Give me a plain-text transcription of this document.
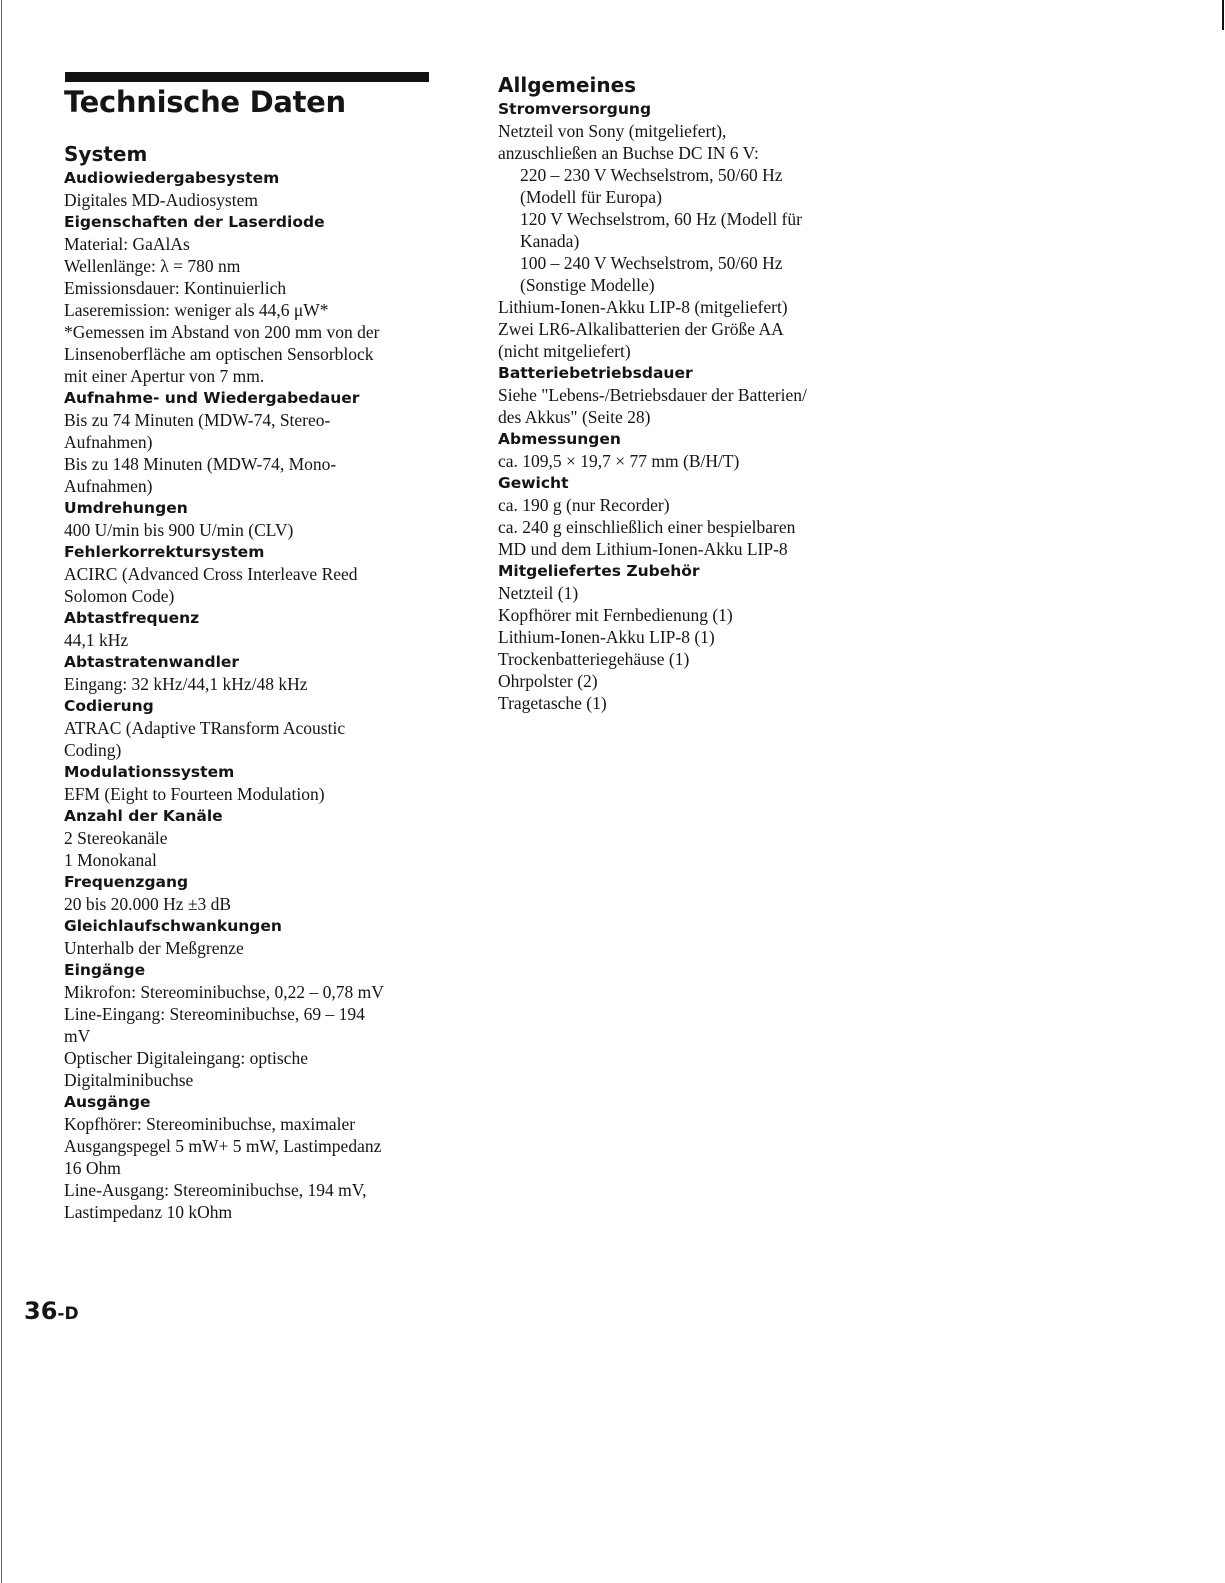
Technische Daten
System
Audiowiedergabesystem

Digitales MD-Audiosystem

Eigenschaften der Laserdiode

Material: GaAlAs

Wellenlänge: λ = 780 nm

Emissionsdauer: Kontinuierlich

Laseremission: weniger als 44,6 μW*

*Gemessen im Abstand von 200 mm von der

Linsenoberfläche am optischen Sensorblock

mit einer Apertur von 7 mm.

Aufnahme- und Wiedergabedauer

Bis zu 74 Minuten (MDW-74, Stereo-

Aufnahmen)

Bis zu 148 Minuten (MDW-74, Mono-

Aufnahmen)

Umdrehungen

400 U/min bis 900 U/min (CLV)

Fehlerkorrektursystem

ACIRC (Advanced Cross Interleave Reed

Solomon Code)

Abtastfrequenz

44,1 kHz

Abtastratenwandler

Eingang: 32 kHz/44,1 kHz/48 kHz

Codierung

ATRAC (Adaptive TRansform Acoustic

Coding)

Modulationssystem

EFM (Eight to Fourteen Modulation)

Anzahl der Kanäle

2 Stereokanäle

1 Monokanal

Frequenzgang

20 bis 20.000 Hz ±3 dB

Gleichlaufschwankungen

Unterhalb der Meßgrenze

Eingänge

Mikrofon: Stereominibuchse, 0,22 – 0,78 mV

Line-Eingang: Stereominibuchse, 69 – 194

mV

Optischer Digitaleingang: optische

Digitalminibuchse

Ausgänge

Kopfhörer: Stereominibuchse, maximaler

Ausgangspegel 5 mW+ 5 mW, Lastimpedanz

16 Ohm

Line-Ausgang: Stereominibuchse, 194 mV,

Lastimpedanz 10 kOhm

Allgemeines
Stromversorgung

Netzteil von Sony (mitgeliefert),

anzuschließen an Buchse DC IN 6 V:

220 – 230 V Wechselstrom, 50/60 Hz

(Modell für Europa)

120 V Wechselstrom, 60 Hz (Modell für

Kanada)

100 – 240 V Wechselstrom, 50/60 Hz

(Sonstige Modelle)

Lithium-Ionen-Akku LIP-8 (mitgeliefert)

Zwei LR6-Alkalibatterien der Größe AA

(nicht mitgeliefert)

Batteriebetriebsdauer

Siehe "Lebens-/Betriebsdauer der Batterien/

des Akkus" (Seite 28)

Abmessungen

ca. 109,5 × 19,7 × 77 mm (B/H/T)

Gewicht

ca. 190 g (nur Recorder)

ca. 240 g einschließlich einer bespielbaren

MD und dem Lithium-Ionen-Akku LIP-8

Mitgeliefertes Zubehör

Netzteil (1)

Kopfhörer mit Fernbedienung (1)

Lithium-Ionen-Akku LIP-8 (1)

Trockenbatteriegehäuse (1)

Ohrpolster (2)

Tragetasche (1)

36-D
